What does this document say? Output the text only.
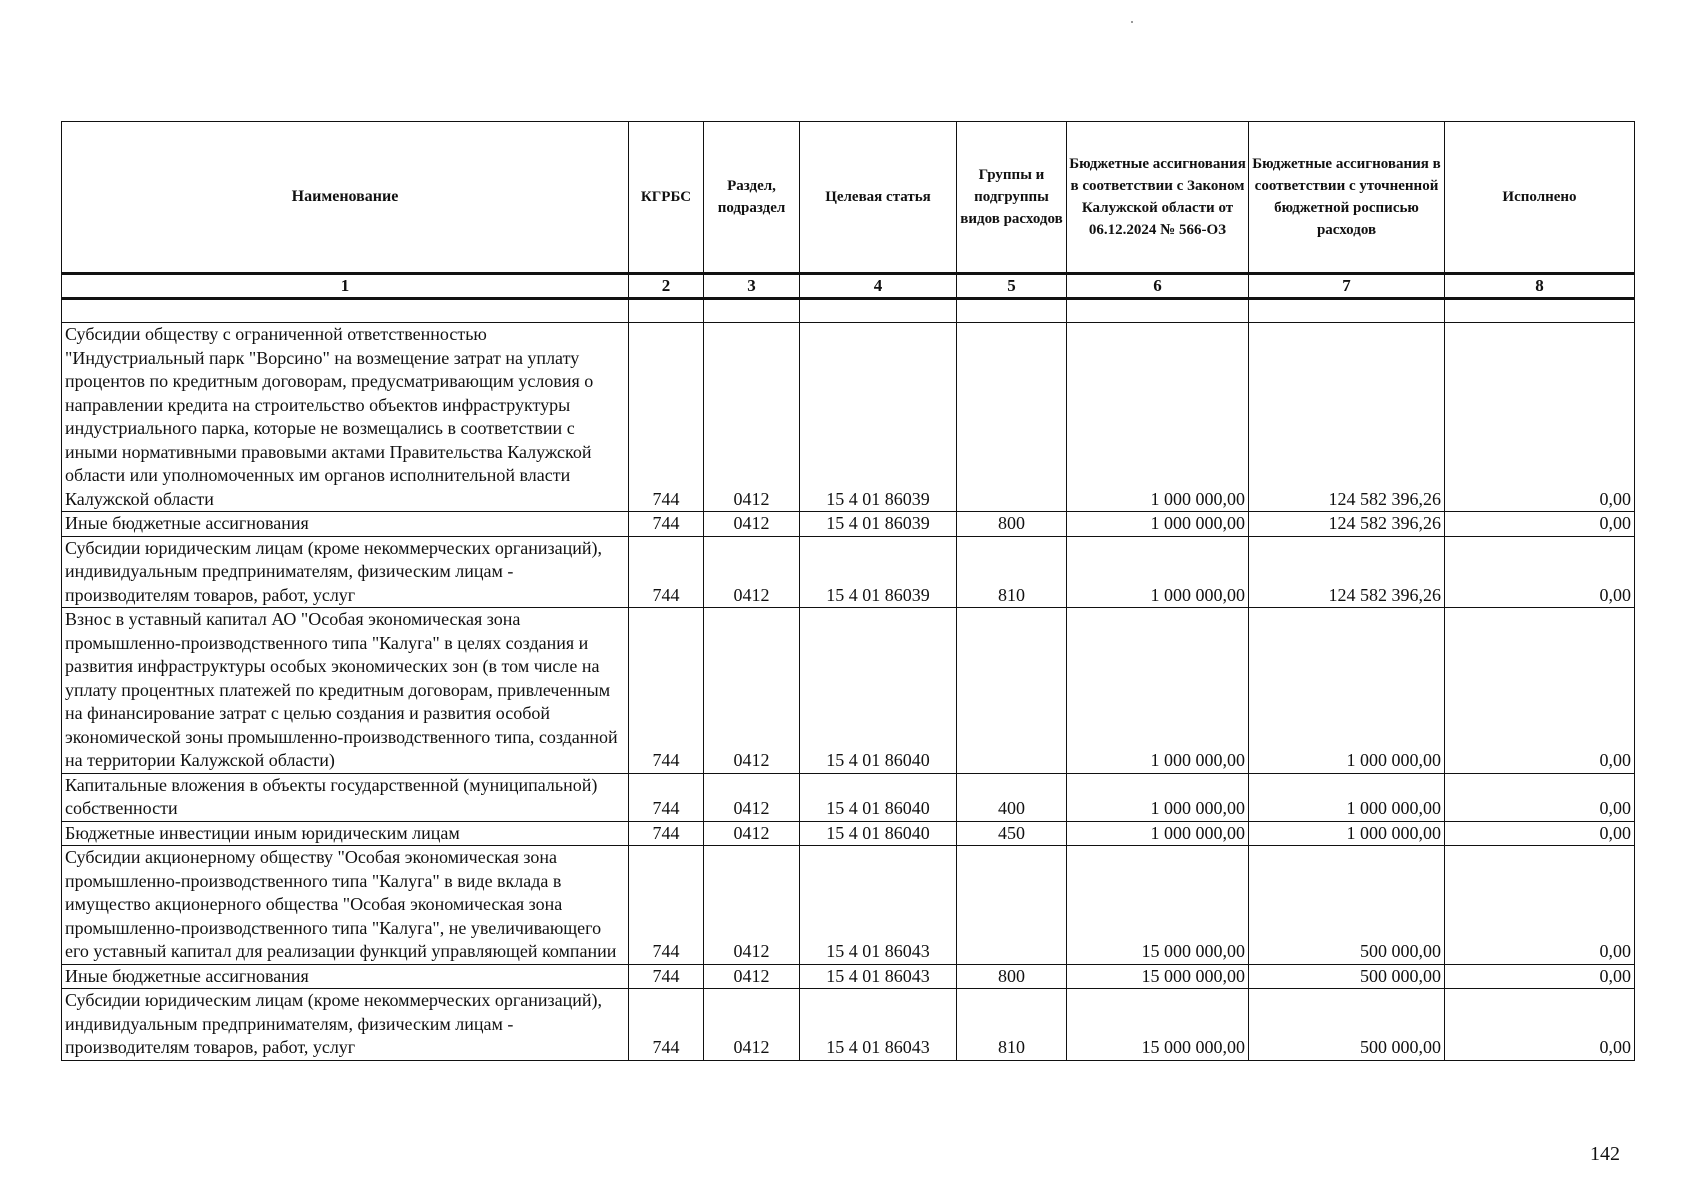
Наименование	КГРБС	Раздел, подраздел	Целевая статья	Группы и подгруппы видов расходов	Бюджетные ассигнования в соответствии с Законом Калужской области от 06.12.2024 № 566-ОЗ	Бюджетные ассигнования в соответствии с уточненной бюджетной росписью расходов	Исполнено
1	2	3	4	5	6	7	8

Субсидии обществу с ограниченной ответственностью "Индустриальный парк "Ворсино" на возмещение затрат на уплату процентов по кредитным договорам, предусматривающим условия о направлении кредита на строительство объектов инфраструктуры индустриального парка, которые не возмещались в соответствии с иными нормативными правовыми актами Правительства Калужской области или уполномоченных им органов исполнительной власти Калужской области	744	0412	15 4 01 86039		1 000 000,00	124 582 396,26	0,00
Иные бюджетные ассигнования	744	0412	15 4 01 86039	800	1 000 000,00	124 582 396,26	0,00
Субсидии юридическим лицам (кроме некоммерческих организаций), индивидуальным предпринимателям, физическим лицам - производителям товаров, работ, услуг	744	0412	15 4 01 86039	810	1 000 000,00	124 582 396,26	0,00
Взнос в уставный капитал АО "Особая экономическая зона промышленно-производственного типа "Калуга" в целях создания и развития инфраструктуры особых экономических зон (в том числе на уплату процентных платежей по кредитным договорам, привлеченным на финансирование затрат с целью создания и развития особой экономической зоны промышленно-производственного типа, созданной на территории Калужской области)	744	0412	15 4 01 86040		1 000 000,00	1 000 000,00	0,00
Капитальные вложения в объекты государственной (муниципальной) собственности	744	0412	15 4 01 86040	400	1 000 000,00	1 000 000,00	0,00
Бюджетные инвестиции иным юридическим лицам	744	0412	15 4 01 86040	450	1 000 000,00	1 000 000,00	0,00
Субсидии акционерному обществу "Особая экономическая зона промышленно-производственного типа "Калуга" в виде вклада в имущество акционерного общества "Особая экономическая зона промышленно-производственного типа "Калуга", не увеличивающего его уставный капитал для реализации функций управляющей компании	744	0412	15 4 01 86043		15 000 000,00	500 000,00	0,00
Иные бюджетные ассигнования	744	0412	15 4 01 86043	800	15 000 000,00	500 000,00	0,00
Субсидии юридическим лицам (кроме некоммерческих организаций), индивидуальным предпринимателям, физическим лицам - производителям товаров, работ, услуг	744	0412	15 4 01 86043	810	15 000 000,00	500 000,00	0,00
142
